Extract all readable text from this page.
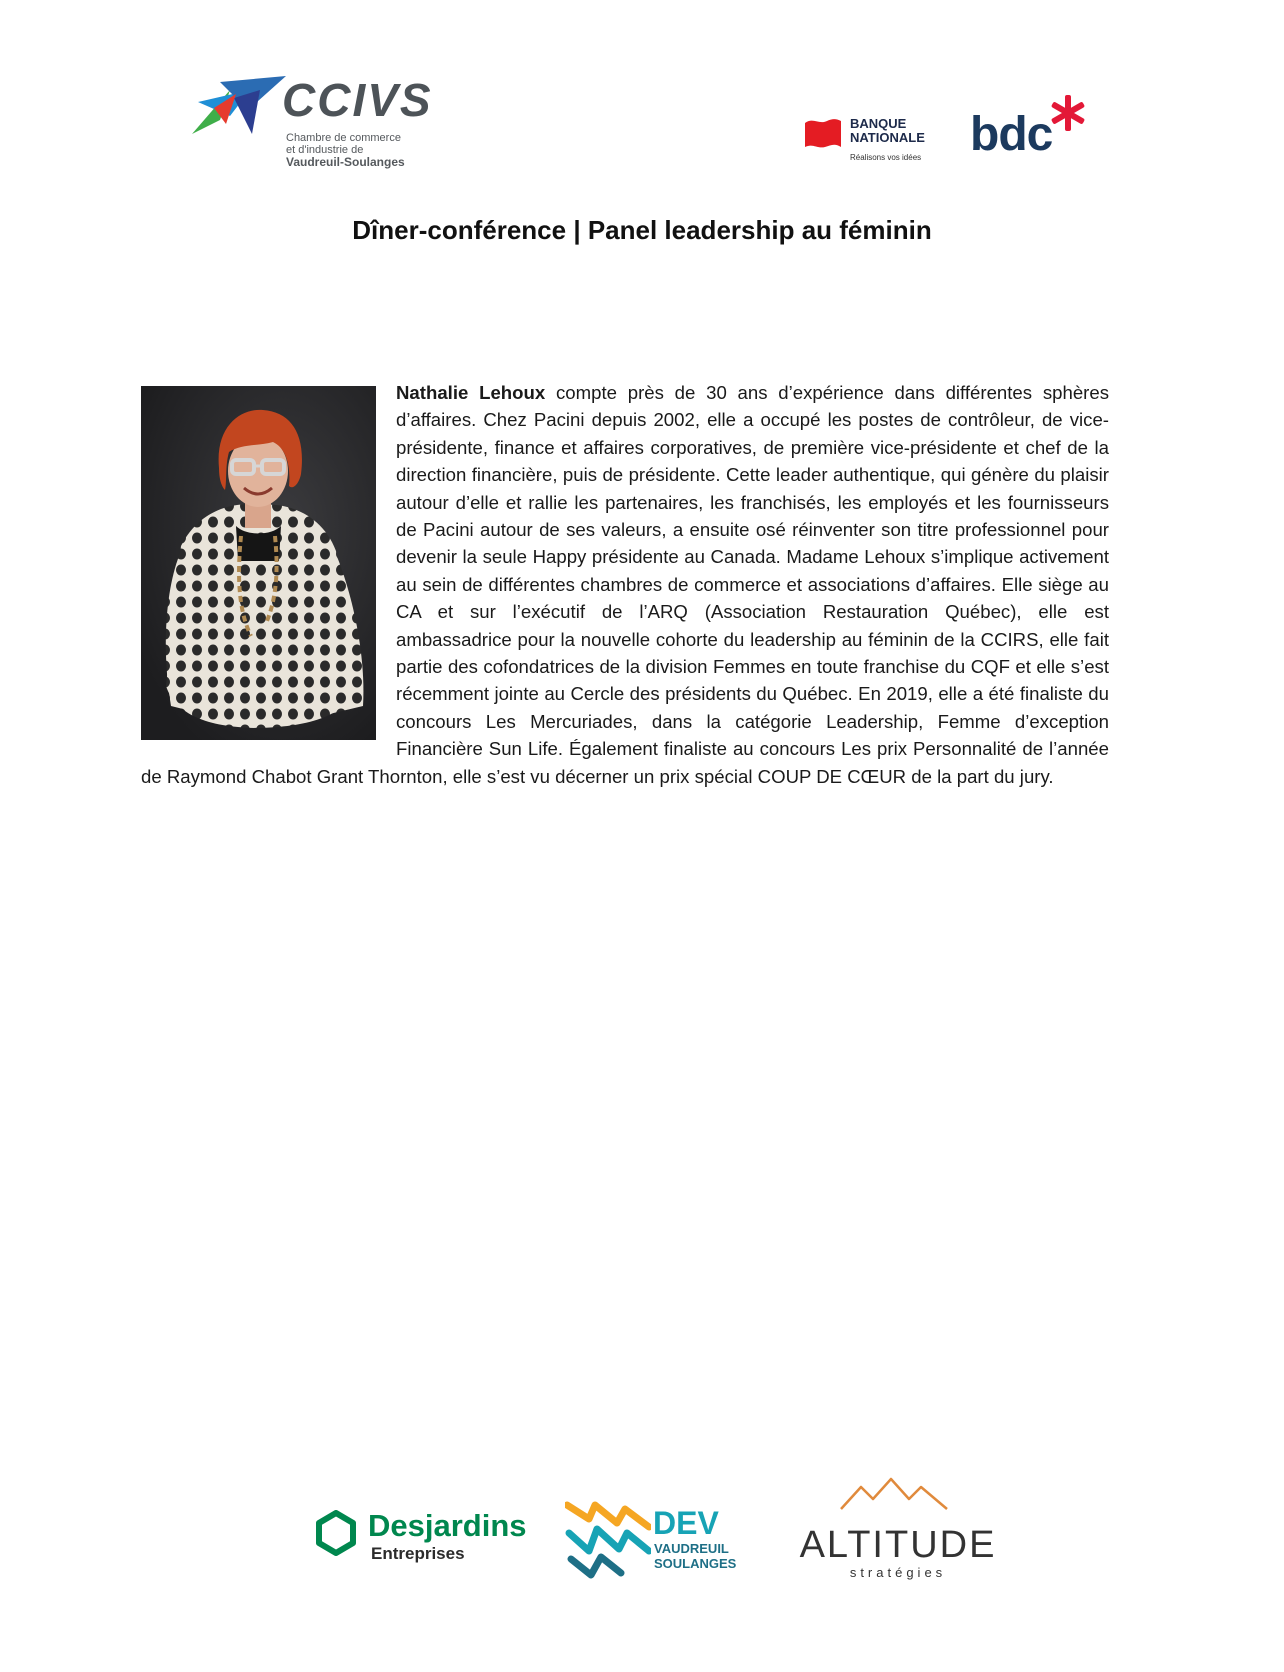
CCIVS
Chambre de commerce
et d'industrie de
Vaudreuil-Soulanges
BANQUE
NATIONALE
Réalisons vos idées bdc
Dîner-conférence | Panel leadership au féminin

Nathalie Lehoux compte près de 30 ans d’expérience dans différentes sphères d’affaires. Chez Pacini depuis 2002, elle a occupé les postes de contrôleur, de vice-présidente, finance et affaires corporatives, de première vice-présidente et chef de la direction financière, puis de présidente. Cette leader authentique, qui génère du plaisir autour d’elle et rallie les partenaires, les franchisés, les employés et les fournisseurs de Pacini autour de ses valeurs, a ensuite osé réinventer son titre professionnel pour devenir la seule Happy présidente au Canada. Madame Lehoux s’implique activement au sein de différentes chambres de commerce et associations d’affaires. Elle siège au CA et sur l’exécutif de l’ARQ (Association Restauration Québec), elle est ambassadrice pour la nouvelle cohorte du leadership au féminin de la CCIRS, elle fait partie des cofondatrices de la division Femmes en toute franchise du CQF et elle s’est récemment jointe au Cercle des présidents du Québec. En 2019, elle a été finaliste du concours Les Mercuriades, dans la catégorie Leadership, Femme d’exception Financière Sun Life. Également finaliste au concours Les prix Personnalité de l’année de Raymond Chabot Grant Thornton, elle s’est vu décerner un prix spécial COUP DE CŒUR de la part du jury.

Desjardins
Entreprises
DEV
VAUDREUIL
SOULANGES ALTITUDE
stratégies
